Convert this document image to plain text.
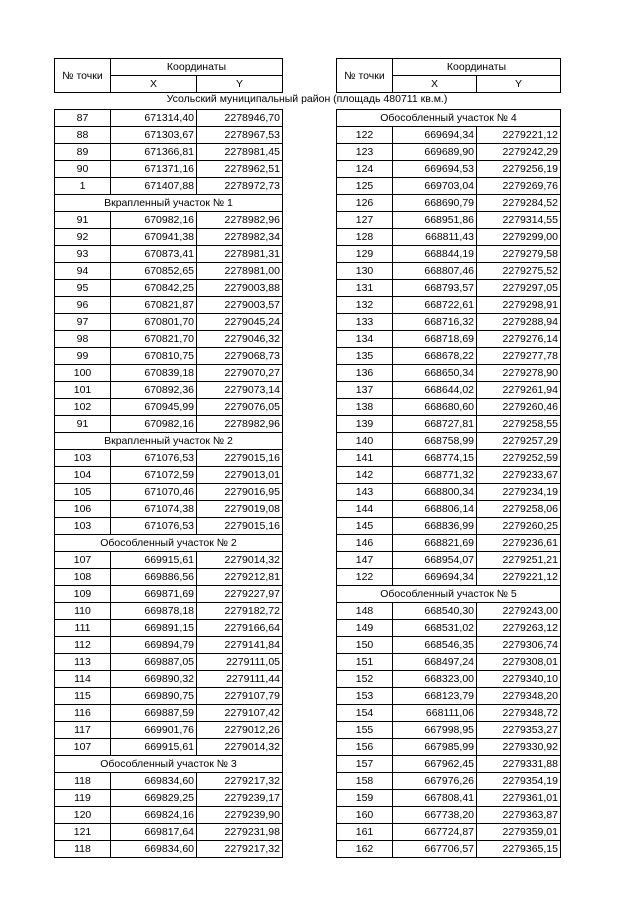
№ точки	Координаты	
	X	Y

87	671314,40	2278946,70
88	671303,67	2278967,53
89	671366,81	2278981,45
90	671371,16	2278962,51
1	671407,88	2278972,73
Вкрапленный участок № 1		
91	670982,16	2278982,96
92	670941,38	2278982,34
93	670873,41	2278981,31
94	670852,65	2278981,00
95	670842,25	2279003,88
96	670821,87	2279003,57
97	670801,70	2279045,24
98	670821,70	2279046,32
99	670810,75	2279068,73
100	670839,18	2279070,27
101	670892,36	2279073,14
102	670945,99	2279076,05
91	670982,16	2278982,96
Вкрапленный участок № 2		
103	671076,53	2279015,16
104	671072,59	2279013,01
105	671070,46	2279016,95
106	671074,38	2279019,08
103	671076,53	2279015,16
Обособленный участок № 2		
107	669915,61	2279014,32
108	669886,56	2279212,81
109	669871,69	2279227,97
110	669878,18	2279182,72
111	669891,15	2279166,64
112	669894,79	2279141,84
113	669887,05	2279111,05
114	669890,32	2279111,44
115	669890,75	2279107,79
116	669887,59	2279107,42
117	669901,76	2279012,26
107	669915,61	2279014,32
Обособленный участок № 3		
118	669834,60	2279217,32
119	669829,25	2279239,17
120	669824,16	2279239,90
121	669817,64	2279231,98
118	669834,60	2279217,32
Усольский муниципальный район (площадь 480711 кв.м.)
№ точки	Координаты	
	X	Y

Обособленный участок № 4		
122	669694,34	2279221,12
123	669689,90	2279242,29
124	669694,53	2279256,19
125	669703,04	2279269,76
126	668690,79	2279284,52
127	668951,86	2279314,55
128	668811,43	2279299,00
129	668844,19	2279279,58
130	668807,46	2279275,52
131	668793,57	2279297,05
132	668722,61	2279298,91
133	668716,32	2279288,94
134	668718,69	2279276,14
135	668678,22	2279277,78
136	668650,34	2279278,90
137	668644,02	2279261,94
138	668680,60	2279260,46
139	668727,81	2279258,55
140	668758,99	2279257,29
141	668774,15	2279252,59
142	668771,32	2279233,67
143	668800,34	2279234,19
144	668806,14	2279258,06
145	668836,99	2279260,25
146	668821,69	2279236,61
147	668954,07	2279251,21
122	669694,34	2279221,12
Обособленный участок № 5		
148	668540,30	2279243,00
149	668531,02	2279263,12
150	668546,35	2279306,74
151	668497,24	2279308,01
152	668323,00	2279340,10
153	668123,79	2279348,20
154	668111,06	2279348,72
155	667998,95	2279353,27
156	667985,99	2279330,92
157	667962,45	2279331,88
158	667976,26	2279354,19
159	667808,41	2279361,01
160	667738,20	2279363,87
161	667724,87	2279359,01
162	667706,57	2279365,15
